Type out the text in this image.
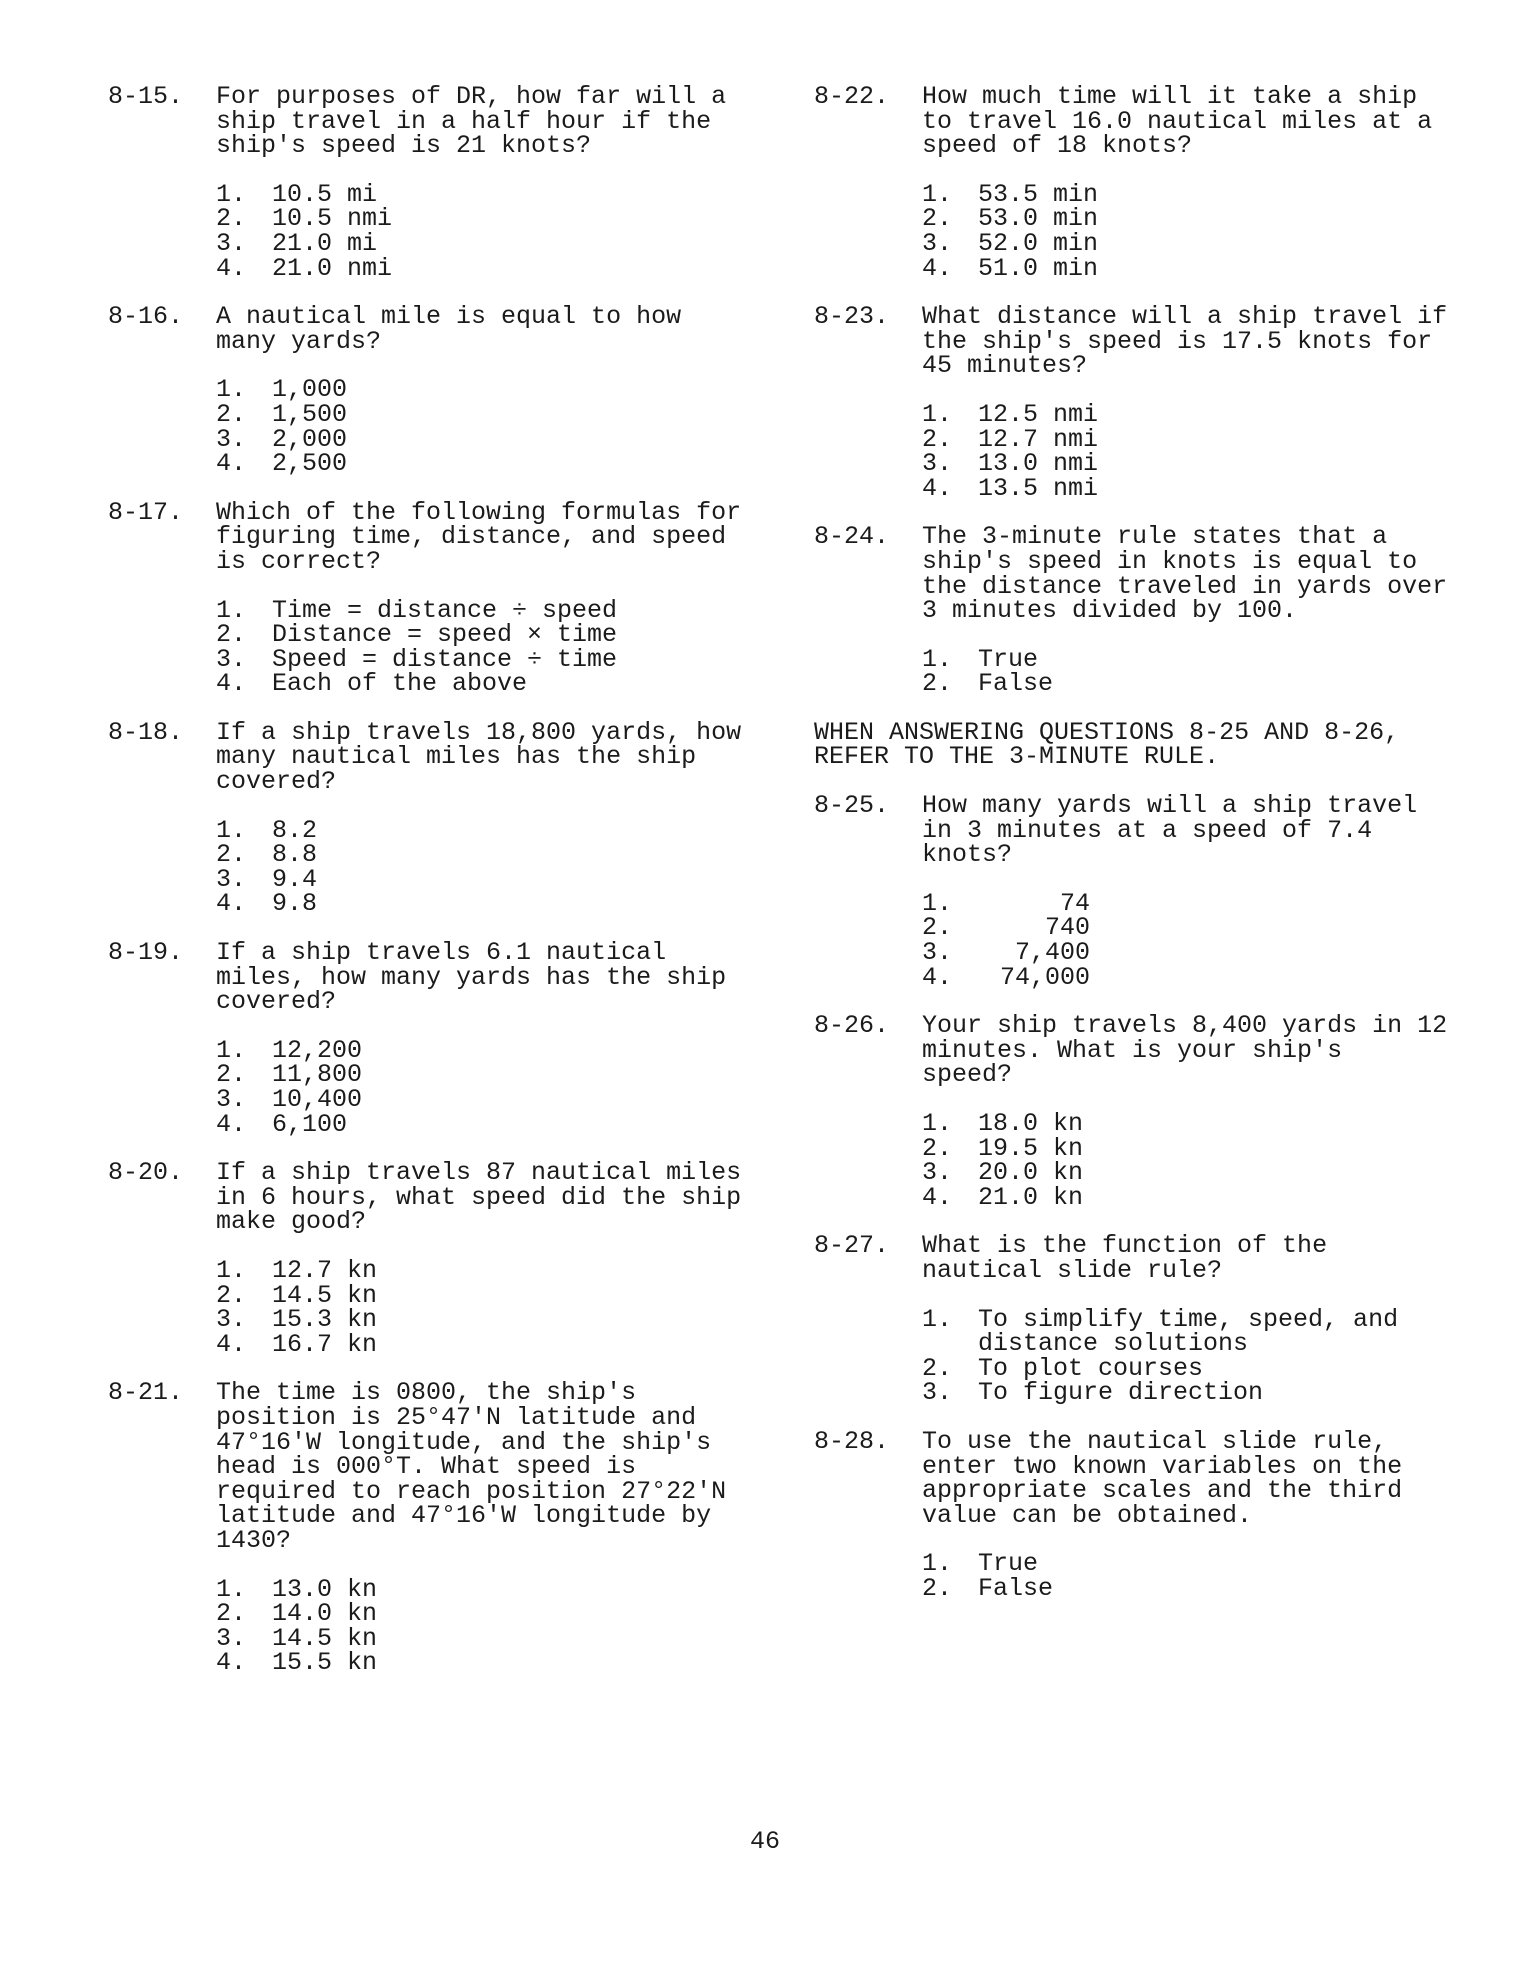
8-15.	For purposes of DR, how far will a
ship travel in a half hour if the
ship's speed is 21 knots?

1.	10.5 mi
2.	10.5 nmi
3.	21.0 mi
4.	21.0 nmi
8-16.	A nautical mile is equal to how
many yards?

1.	1,000
2.	1,500
3.	2,000
4.	2,500
8-17.	Which of the following formulas for
figuring time, distance, and speed
is correct?

1.	Time = distance ÷ speed
2.	Distance = speed × time
3.	Speed = distance ÷ time
4.	Each of the above
8-18.	If a ship travels 18,800 yards, how
many nautical miles has the ship
covered?

1.	8.2
2.	8.8
3.	9.4
4.	9.8
8-19.	If a ship travels 6.1 nautical
miles, how many yards has the ship
covered?

1.	12,200
2.	11,800
3.	10,400
4.	6,100
8-20.	If a ship travels 87 nautical miles
in 6 hours, what speed did the ship
make good?

1.	12.7 kn
2.	14.5 kn
3.	15.3 kn
4.	16.7 kn
8-21.	The time is 0800, the ship's
position is 25°47'N latitude and
47°16'W longitude, and the ship's
head is 000°T. What speed is
required to reach position 27°22'N
latitude and 47°16'W longitude by
1430?

1.	13.0 kn
2.	14.0 kn
3.	14.5 kn
4.	15.5 kn
8-22.	How much time will it take a ship
to travel 16.0 nautical miles at a
speed of 18 knots?

1.	53.5 min
2.	53.0 min
3.	52.0 min
4.	51.0 min
8-23.	What distance will a ship travel if
the ship's speed is 17.5 knots for
45 minutes?

1.	12.5 nmi
2.	12.7 nmi
3.	13.0 nmi
4.	13.5 nmi
8-24.	The 3-minute rule states that a
ship's speed in knots is equal to
the distance traveled in yards over
3 minutes divided by 100.

1.	True
2.	False
WHEN ANSWERING QUESTIONS 8-25 AND 8-26,
REFER TO THE 3-MINUTE RULE.
8-25.	How many yards will a ship travel
in 3 minutes at a speed of 7.4
knots?

1.	74
2.	740
3.	7,400
4.	74,000
8-26.	Your ship travels 8,400 yards in 12
minutes. What is your ship's
speed?

1.	18.0 kn
2.	19.5 kn
3.	20.0 kn
4.	21.0 kn
8-27.	What is the function of the
nautical slide rule?

1.	To simplify time, speed, and
distance solutions
2.	To plot courses
3.	To figure direction
8-28.	To use the nautical slide rule,
enter two known variables on the
appropriate scales and the third
value can be obtained.

1.	True
2.	False
46
